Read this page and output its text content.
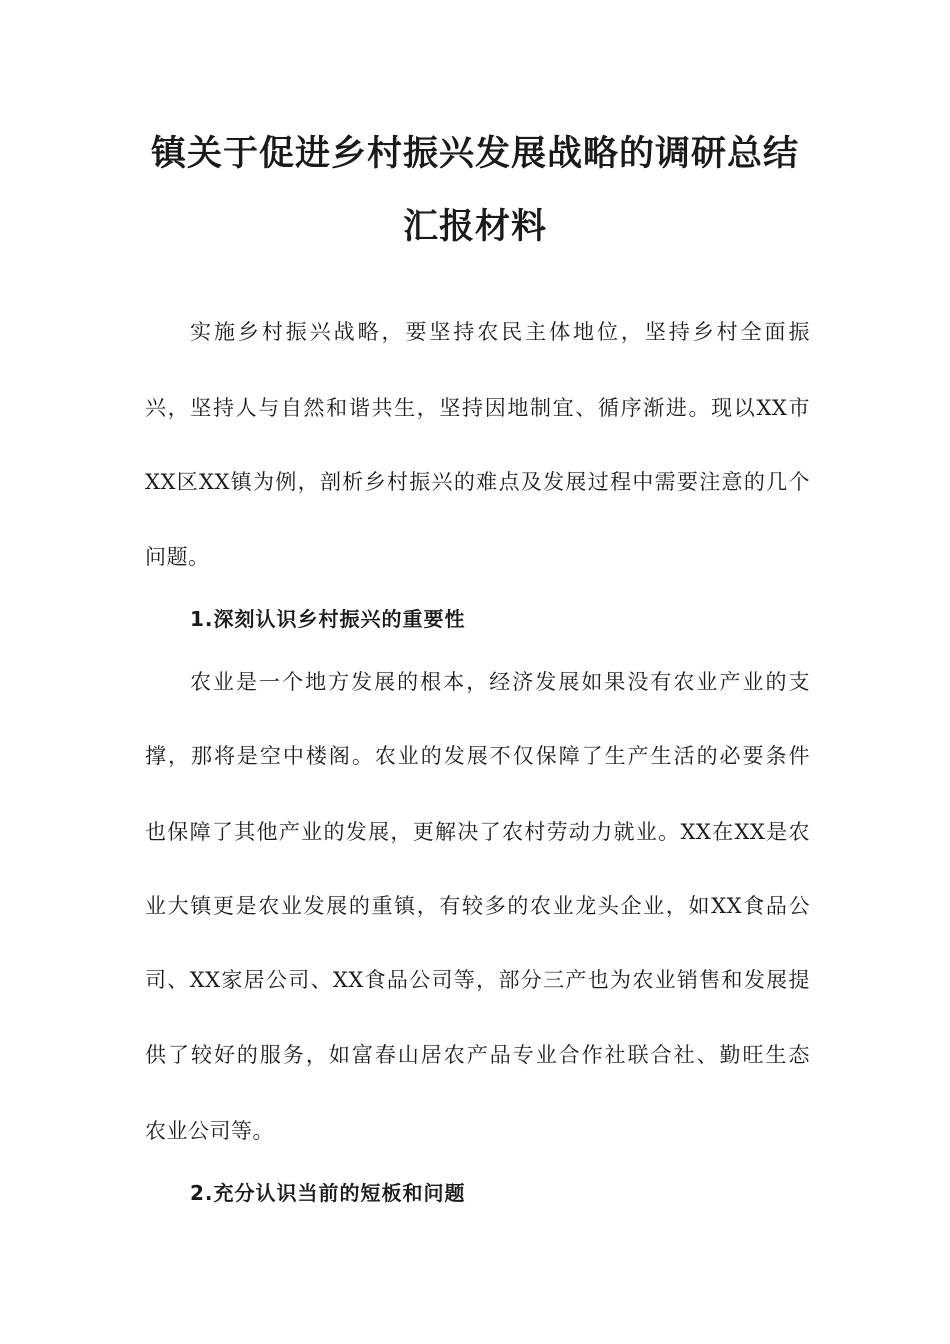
镇关于促进乡村振兴发展战略的调研总结
汇报材料
实施乡村振兴战略，要坚持农民主体地位，坚持乡村全面振
兴，坚持人与自然和谐共生，坚持因地制宜、循序渐进。现以XX市
XX区XX镇为例，剖析乡村振兴的难点及发展过程中需要注意的几个
问题。
1.深刻认识乡村振兴的重要性
农业是一个地方发展的根本，经济发展如果没有农业产业的支
撑，那将是空中楼阁。农业的发展不仅保障了生产生活的必要条件
也保障了其他产业的发展，更解决了农村劳动力就业。XX在XX是农
业大镇更是农业发展的重镇，有较多的农业龙头企业，如XX食品公
司、XX家居公司、XX食品公司等，部分三产也为农业销售和发展提
供了较好的服务，如富春山居农产品专业合作社联合社、勤旺生态
农业公司等。
2.充分认识当前的短板和问题
